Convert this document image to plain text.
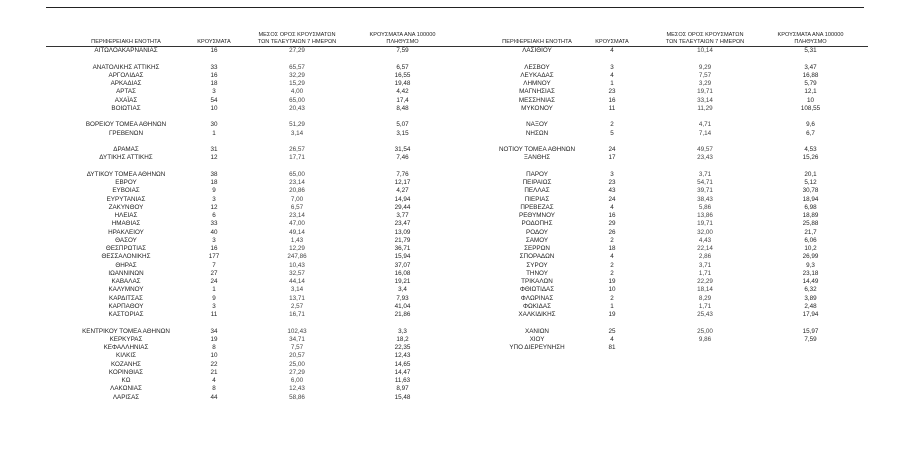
ΠΕΡΙΦΕΡΕΙΑΚΗ ΕΝΟΤΗΤΑ	ΚΡΟΥΣΜΑΤΑ
ΜΕΣΟΣ ΟΡΟΣ ΚΡΟΥΣΜΑΤΩΝ
ΤΩΝ ΤΕΛΕΥΤΑΙΩΝ 7 ΗΜΕΡΩΝ
ΚΡΟΥΣΜΑΤΑ ΑΝΑ 100000
ΠΛΗΘΥΣΜΟ
ΑΙΤΩΛΟΑΚΑΡΝΑΝΙΑΣ	16	27,29	7,59
ΑΝΑΤΟΛΙΚΗΣ ΑΤΤΙΚΗΣ	33	65,57	6,57
ΑΡΓΟΛΙΔΑΣ	16	32,29	16,55
ΑΡΚΑΔΙΑΣ	18	15,29	19,48
ΑΡΤΑΣ	3	4,00	4,42
ΑΧΑΪΑΣ	54	65,00	17,4
ΒΟΙΩΤΙΑΣ	10	20,43	8,48
ΒΟΡΕΙΟΥ ΤΟΜΕΑ ΑΘΗΝΩΝ	30	51,29	5,07
ΓΡΕΒΕΝΩΝ	1	3,14	3,15
ΔΡΑΜΑΣ	31	26,57	31,54
ΔΥΤΙΚΗΣ ΑΤΤΙΚΗΣ	12	17,71	7,46
ΔΥΤΙΚΟΥ ΤΟΜΕΑ ΑΘΗΝΩΝ	38	65,00	7,76
ΕΒΡΟΥ	18	23,14	12,17
ΕΥΒΟΙΑΣ	9	20,86	4,27
ΕΥΡΥΤΑΝΙΑΣ	3	7,00	14,94
ΖΑΚΥΝΘΟΥ	12	6,57	29,44
ΗΛΕΙΑΣ	6	23,14	3,77
ΗΜΑΘΙΑΣ	33	47,00	23,47
ΗΡΑΚΛΕΙΟΥ	40	49,14	13,09
ΘΑΣΟΥ	3	1,43	21,79
ΘΕΣΠΡΩΤΙΑΣ	16	12,29	36,71
ΘΕΣΣΑΛΟΝΙΚΗΣ	177	247,86	15,94
ΘΗΡΑΣ	7	10,43	37,07
ΙΩΑΝΝΙΝΩΝ	27	32,57	16,08
ΚΑΒΑΛΑΣ	24	44,14	19,21
ΚΑΛΥΜΝΟΥ	1	3,14	3,4
ΚΑΡΔΙΤΣΑΣ	9	13,71	7,93
ΚΑΡΠΑΘΟΥ	3	2,57	41,04
ΚΑΣΤΟΡΙΑΣ	11	16,71	21,86
ΚΕΝΤΡΙΚΟΥ ΤΟΜΕΑ ΑΘΗΝΩΝ	34	102,43	3,3
ΚΕΡΚΥΡΑΣ	19	34,71	18,2
ΚΕΦΑΛΛΗΝΙΑΣ	8	7,57	22,35
ΚΙΛΚΙΣ	10	20,57	12,43
ΚΟΖΑΝΗΣ	22	25,00	14,65
ΚΟΡΙΝΘΙΑΣ	21	27,29	14,47
ΚΩ	4	6,00	11,63
ΛΑΚΩΝΙΑΣ	8	12,43	8,97
ΛΑΡΙΣΑΣ	44	58,86	15,48
ΠΕΡΙΦΕΡΕΙΑΚΗ ΕΝΟΤΗΤΑ	ΚΡΟΥΣΜΑΤΑ
ΜΕΣΟΣ ΟΡΟΣ ΚΡΟΥΣΜΑΤΩΝ
ΤΩΝ ΤΕΛΕΥΤΑΙΩΝ 7 ΗΜΕΡΩΝ
ΚΡΟΥΣΜΑΤΑ ΑΝΑ 100000
ΠΛΗΘΥΣΜΟ
ΛΑΣΙΘΙΟΥ	4	10,14	5,31
ΛΕΣΒΟΥ	3	9,29	3,47
ΛΕΥΚΑΔΑΣ	4	7,57	16,88
ΛΗΜΝΟΥ	1	3,29	5,79
ΜΑΓΝΗΣΙΑΣ	23	19,71	12,1
ΜΕΣΣΗΝΙΑΣ	16	33,14	10
ΜΥΚΟΝΟΥ	11	11,29	108,55
ΝΑΞΟΥ	2	4,71	9,6
ΝΗΣΩΝ	5	7,14	6,7
ΝΟΤΙΟΥ ΤΟΜΕΑ ΑΘΗΝΩΝ	24	49,57	4,53
ΞΑΝΘΗΣ	17	23,43	15,26
ΠΑΡΟΥ	3	3,71	20,1
ΠΕΙΡΑΙΩΣ	23	54,71	5,12
ΠΕΛΛΑΣ	43	39,71	30,78
ΠΙΕΡΙΑΣ	24	38,43	18,94
ΠΡΕΒΕΖΑΣ	4	5,86	6,98
ΡΕΘΥΜΝΟΥ	16	13,86	18,89
ΡΟΔΟΠΗΣ	29	19,71	25,88
ΡΟΔΟΥ	26	32,00	21,7
ΣΑΜΟΥ	2	4,43	6,06
ΣΕΡΡΩΝ	18	22,14	10,2
ΣΠΟΡΑΔΩΝ	4	2,86	26,99
ΣΥΡΟΥ	2	3,71	9,3
ΤΗΝΟΥ	2	1,71	23,18
ΤΡΙΚΑΛΩΝ	19	22,29	14,49
ΦΘΙΩΤΙΔΑΣ	10	18,14	6,32
ΦΛΩΡΙΝΑΣ	2	8,29	3,89
ΦΩΚΙΔΑΣ	1	1,71	2,48
ΧΑΛΚΙΔΙΚΗΣ	19	25,43	17,94
ΧΑΝΙΩΝ	25	25,00	15,97
ΧΙΟΥ	4	9,86	7,59
ΥΠΟ ΔΙΕΡΕΥΝΗΣΗ	81
